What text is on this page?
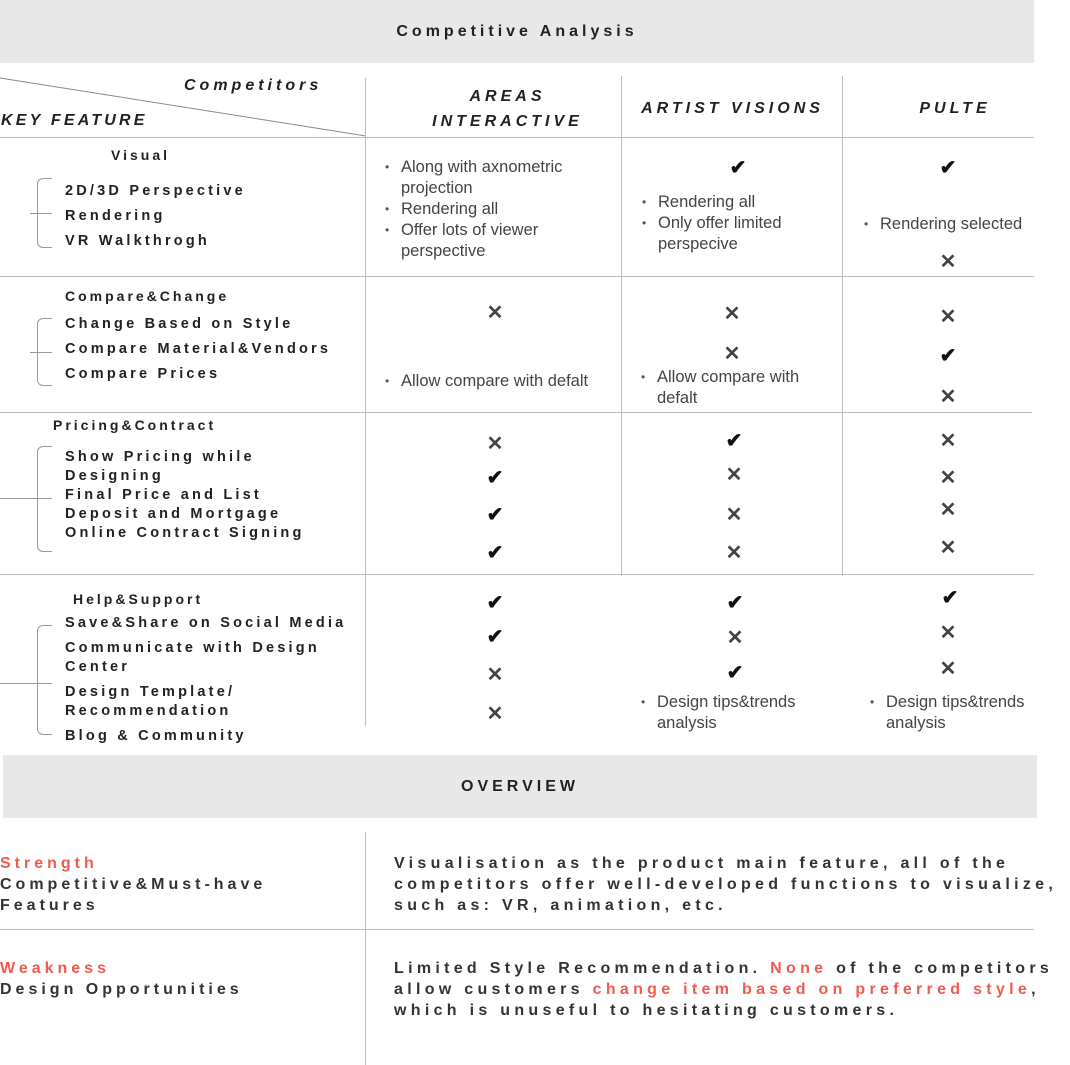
Competitive Analysis
Competitors
KEY FEATURE
AREAS INTERACTIVE
ARTIST VISIONS	PULTE
Visual
2D/3D Perspective
Rendering
VR Walkthrogh
• Along with axnometric projection
• Rendering all
• Offer lots of viewer perspective
✔
• Rendering all
• Only offer limited perspecive
✔
• Rendering selected
✕
Compare&Change
Change Based on Style
Compare Material&Vendors
Compare Prices
✕
• Allow compare with defalt
✕
✕
• Allow compare with defalt
✕
✔
✕
Pricing&Contract
Show Pricing while Designing
Final Price and List
Deposit and Mortgage
Online Contract Signing
✕
✔
✔
✔
✔
✕
✕
✕
✕
✕
✕
✕
Help&Support
Save&Share on Social Media
Communicate with Design Center
Design Template/ Recommendation
Blog & Community
✔
✔
✕
✕
✔
✕
✔
• Design tips&trends analysis
✔
✕
✕
• Design tips&trends analysis
OVERVIEW
Strength
Competitive&Must-have Features
Visualisation as the product main feature, all of the competitors offer well-developed functions to visualize, such as: VR, animation, etc.
Weakness
Design Opportunities
Limited Style Recommendation. None of the competitors allow customers change item based on preferred style, which is unuseful to hesitating customers.
